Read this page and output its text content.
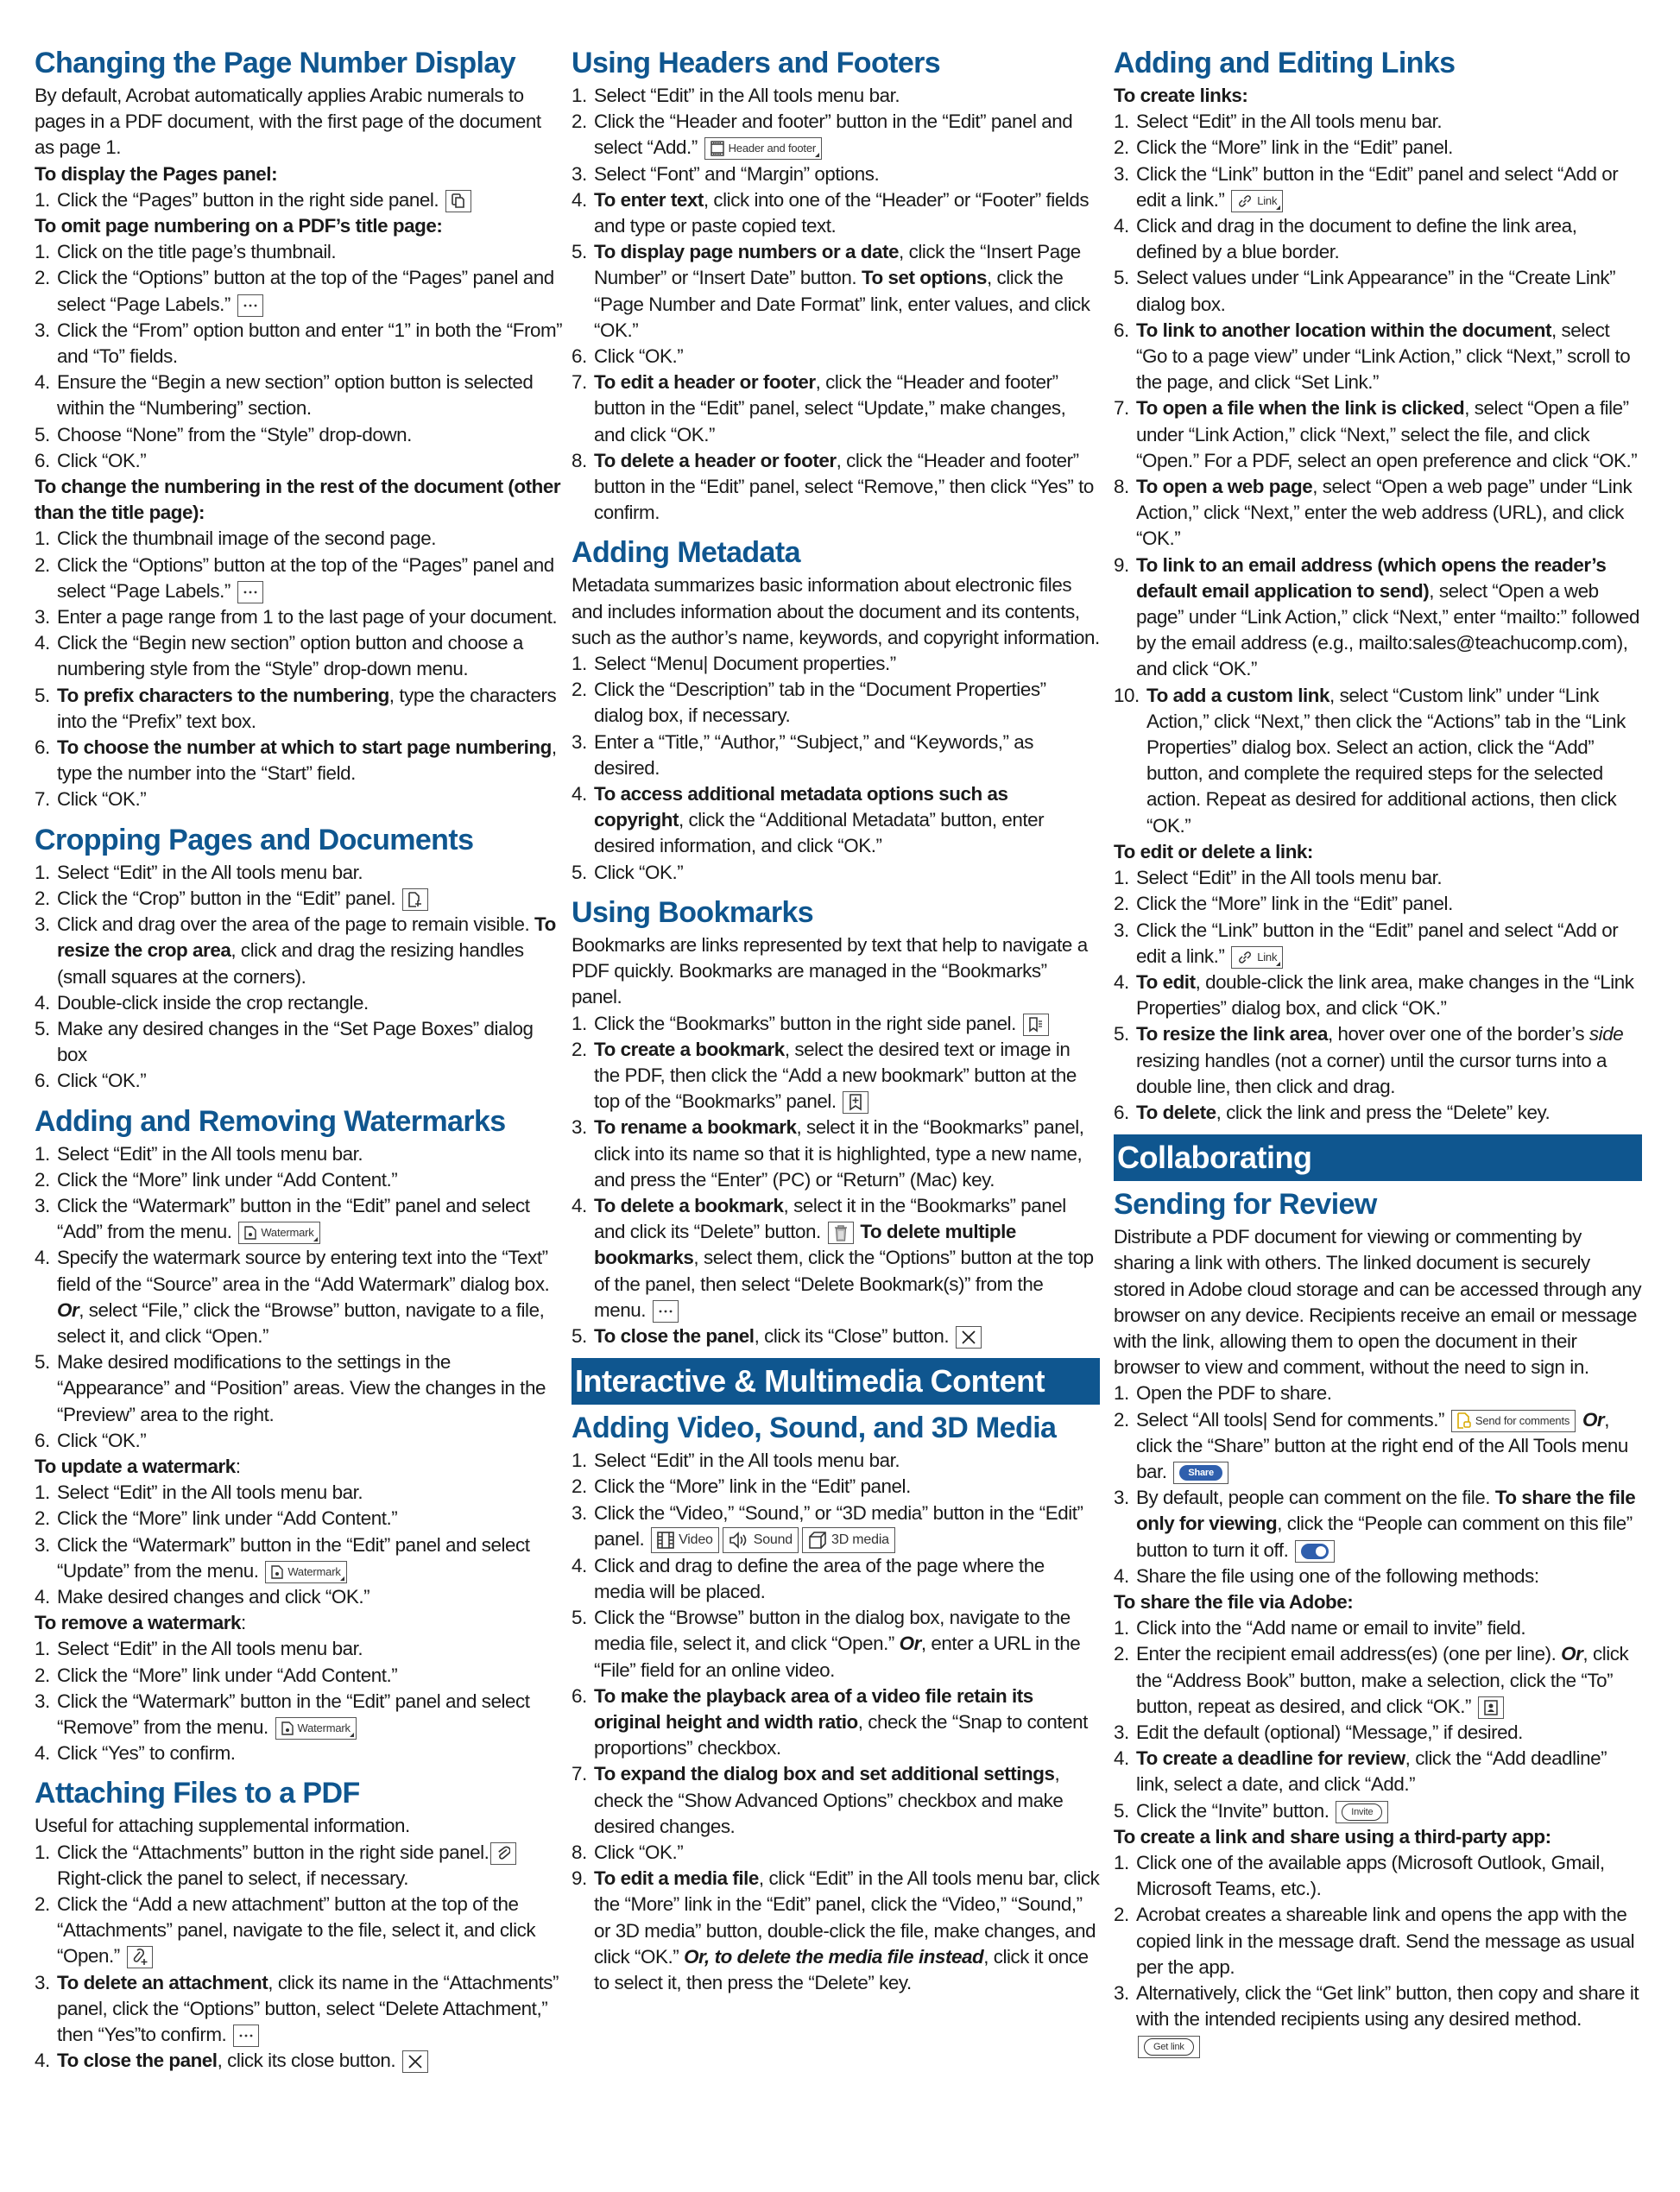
Changing the Page Number Display
By default, Acrobat automatically applies Arabic numerals to pages in a PDF document, with the first page of the document as page 1.
To display the Pages panel:
1. Click the “Pages” button in the right side panel.
To omit page numbering on a PDF’s title page:
1. Click on the title page’s thumbnail.
2. Click the “Options” button at the top of the “Pages” panel and select “Page Labels.”
3. Click the “From” option button and enter “1” in both the “From” and “To” fields.
4. Ensure the “Begin a new section” option button is selected within the “Numbering” section.
5. Choose “None” from the “Style” drop-down.
6. Click “OK.”
To change the numbering in the rest of the document (other than the title page):
1. Click the thumbnail image of the second page.
2. Click the “Options” button at the top of the “Pages” panel and select “Page Labels.”
3. Enter a page range from 1 to the last page of your document.
4. Click the “Begin new section” option button and choose a numbering style from the “Style” drop-down menu.
5. To prefix characters to the numbering, type the characters into the “Prefix” text box.
6. To choose the number at which to start page numbering, type the number into the “Start” field.
7. Click “OK.”
Cropping Pages and Documents
1. Select “Edit” in the All tools menu bar.
2. Click the “Crop” button in the “Edit” panel.
3. Click and drag over the area of the page to remain visible. To resize the crop area, click and drag the resizing handles (small squares at the corners).
4. Double-click inside the crop rectangle.
5. Make any desired changes in the “Set Page Boxes” dialog box
6. Click “OK.”
Adding and Removing Watermarks
1. Select “Edit” in the All tools menu bar.
2. Click the “More” link under “Add Content.”
3. Click the “Watermark” button in the “Edit” panel and select “Add” from the menu. Watermark
4. Specify the watermark source by entering text into the “Text” field of the “Source” area in the “Add Watermark” dialog box. Or, select “File,” click the “Browse” button, navigate to a file, select it, and click “Open.”
5. Make desired modifications to the settings in the “Appearance” and “Position” areas. View the changes in the “Preview” area to the right.
6. Click “OK.”
To update a watermark:
1. Select “Edit” in the All tools menu bar.
2. Click the “More” link under “Add Content.”
3. Click the “Watermark” button in the “Edit” panel and select “Update” from the menu. Watermark
4. Make desired changes and click “OK.”
To remove a watermark:
1. Select “Edit” in the All tools menu bar.
2. Click the “More” link under “Add Content.”
3. Click the “Watermark” button in the “Edit” panel and select “Remove” from the menu. Watermark
4. Click “Yes” to confirm.
Attaching Files to a PDF
Useful for attaching supplemental information.
1. Click the “Attachments” button in the right side panel.
Right-click the panel to select, if necessary.
2. Click the “Add a new attachment” button at the top of the “Attachments” panel, navigate to the file, select it, and click “Open.”
3. To delete an attachment, click its name in the “Attachments” panel, click the “Options” button, select “Delete Attachment,” then “Yes”to confirm.
4. To close the panel, click its close button.
Using Headers and Footers
1. Select “Edit” in the All tools menu bar.
2. Click the “Header and footer” button in the “Edit” panel and select “Add.” Header and footer
3. Select “Font” and “Margin” options.
4. To enter text, click into one of the “Header” or “Footer” fields and type or paste copied text.
5. To display page numbers or a date, click the “Insert Page Number” or “Insert Date” button. To set options, click the “Page Number and Date Format” link, enter values, and click “OK.”
6. Click “OK.”
7. To edit a header or footer, click the “Header and footer” button in the “Edit” panel, select “Update,” make changes, and click “OK.”
8. To delete a header or footer, click the “Header and footer” button in the “Edit” panel, select “Remove,” then click “Yes” to confirm.
Adding Metadata
Metadata summarizes basic information about electronic files and includes information about the document and its contents, such as the author’s name, keywords, and copyright information.
1. Select “Menu| Document properties.”
2. Click the “Description” tab in the “Document Properties” dialog box, if necessary.
3. Enter a “Title,” “Author,” “Subject,” and “Keywords,” as desired.
4. To access additional metadata options such as copyright, click the “Additional Metadata” button, enter desired information, and click “OK.”
5. Click “OK.”
Using Bookmarks
Bookmarks are links represented by text that help to navigate a PDF quickly. Bookmarks are managed in the “Bookmarks” panel.
1. Click the “Bookmarks” button in the right side panel.
2. To create a bookmark, select the desired text or image in the PDF, then click the “Add a new bookmark” button at the top of the “Bookmarks” panel.
3. To rename a bookmark, select it in the “Bookmarks” panel, click into its name so that it is highlighted, type a new name, and press the “Enter” (PC) or “Return” (Mac) key.
4. To delete a bookmark, select it in the “Bookmarks” panel and click its “Delete” button.
To delete multiple bookmarks, select them, click the “Options” button at the top of the panel, then select “Delete Bookmark(s)” from the menu.
5. To close the panel, click its “Close” button.
Interactive & Multimedia Content
Adding Video, Sound, and 3D Media
1. Select “Edit” in the All tools menu bar.
2. Click the “More” link in the “Edit” panel.
3. Click the “Video,” “Sound,” or “3D media” button in the “Edit” panel. Video	Sound	3D media
4. Click and drag to define the area of the page where the media will be placed.
5. Click the “Browse” button in the dialog box, navigate to the media file, select it, and click “Open.” Or, enter a URL in the “File” field for an online video.
6. To make the playback area of a video file retain its original height and width ratio, check the “Snap to content proportions” checkbox.
7. To expand the dialog box and set additional settings, check the “Show Advanced Options” checkbox and make desired changes.
8. Click “OK.”
9. To edit a media file, click “Edit” in the All tools menu bar, click the “More” link in the “Edit” panel, click the “Video,” “Sound,” or 3D media” button, double-click the file, make changes, and click “OK.” Or, to delete the media file instead, click it once to select it, then press the “Delete” key.
Adding and Editing Links
To create links:
1. Select “Edit” in the All tools menu bar.
2. Click the “More” link in the “Edit” panel.
3. Click the “Link” button in the “Edit” panel and select “Add or edit a link.” Link
4. Click and drag in the document to define the link area, defined by a blue border.
5. Select values under “Link Appearance” in the “Create Link” dialog box.
6. To link to another location within the document, select “Go to a page view” under “Link Action,” click “Next,” scroll to the page, and click “Set Link.”
7. To open a file when the link is clicked, select “Open a file” under “Link Action,” click “Next,” select the file, and click “Open.” For a PDF, select an open preference and click “OK.”
8. To open a web page, select “Open a web page” under “Link Action,” click “Next,” enter the web address (URL), and click “OK.”
9. To link to an email address (which opens the reader’s default email application to send), select “Open a web page” under “Link Action,” click “Next,” enter “mailto:” followed by the email address (e.g., mailto:sales@teachucomp.com), and click “OK.”
10. To add a custom link, select “Custom link” under “Link Action,” click “Next,” then click the “Actions” tab in the “Link Properties” dialog box. Select an action, click the “Add” button, and complete the required steps for the selected action. Repeat as desired for additional actions, then click “OK.”
To edit or delete a link:
1. Select “Edit” in the All tools menu bar.
2. Click the “More” link in the “Edit” panel.
3. Click the “Link” button in the “Edit” panel and select “Add or edit a link.” Link
4. To edit, double-click the link area, make changes in the “Link Properties” dialog box, and click “OK.”
5. To resize the link area, hover over one of the border’s side resizing handles (not a corner) until the cursor turns into a double line, then click and drag.
6. To delete, click the link and press the “Delete” key.
Collaborating
Sending for Review
Distribute a PDF document for viewing or commenting by sharing a link with others. The linked document is securely stored in Adobe cloud storage and can be accessed through any browser on any device. Recipients receive an email or message with the link, allowing them to open the document in their browser to view and comment, without the need to sign in.
1. Open the PDF to share.
2. Select “All tools| Send for comments.” Send for comments Or, click the “Share” button at the right end of the All Tools menu bar.	Share
3. By default, people can comment on the file. To share the file only for viewing, click the “People can comment on this file” button to turn it off.
4. Share the file using one of the following methods:
To share the file via Adobe:
1. Click into the “Add name or email to invite” field.
2. Enter the recipient email address(es) (one per line). Or, click the “Address Book” button, make a selection, click the “To” button, repeat as desired, and click “OK.”
3. Edit the default (optional) “Message,” if desired.
4. To create a deadline for review, click the “Add deadline” link, select a date, and click “Add.”
5. Click the “Invite” button.	Invite
To create a link and share using a third-party app:
1. Click one of the available apps (Microsoft Outlook, Gmail, Microsoft Teams, etc.).
2. Acrobat creates a shareable link and opens the app with the copied link in the message draft. Send the message as usual per the app.
3. Alternatively, click the “Get link” button, then copy and share it with the intended recipients using any desired method.
Get link
